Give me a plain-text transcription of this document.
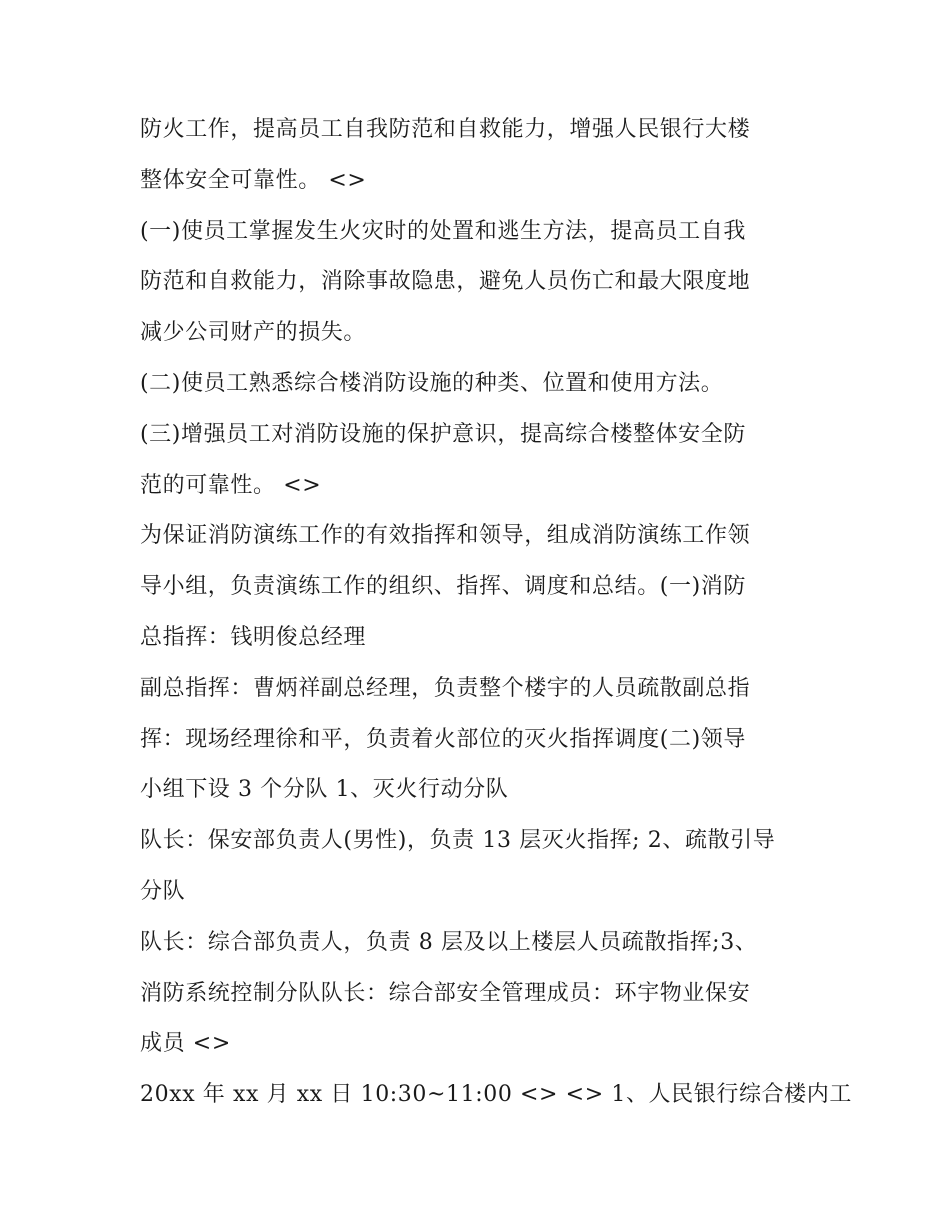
防火工作，提高员工自我防范和自救能力，增强人民银行大楼
整体安全可靠性。 <>
(一)使员工掌握发生火灾时的处置和逃生方法，提高员工自我
防范和自救能力，消除事故隐患，避免人员伤亡和最大限度地
减少公司财产的损失。
(二)使员工熟悉综合楼消防设施的种类、位置和使用方法。
(三)增强员工对消防设施的保护意识，提高综合楼整体安全防
范的可靠性。 <>
为保证消防演练工作的有效指挥和领导，组成消防演练工作领
导小组，负责演练工作的组织、指挥、调度和总结。(一)消防
总指挥：钱明俊总经理
副总指挥：曹炳祥副总经理，负责整个楼宇的人员疏散副总指
挥：现场经理徐和平，负责着火部位的灭火指挥调度(二)领导
小组下设 3 个分队 1、灭火行动分队
队长：保安部负责人(男性)，负责 13 层灭火指挥; 2、疏散引导
分队
队长：综合部负责人，负责 8 层及以上楼层人员疏散指挥;3、
消防系统控制分队队长：综合部安全管理成员：环宇物业保安
成员 <>
20xx 年 xx 月 xx 日 10:30~11:00 <> <> 1、人民银行综合楼内工
